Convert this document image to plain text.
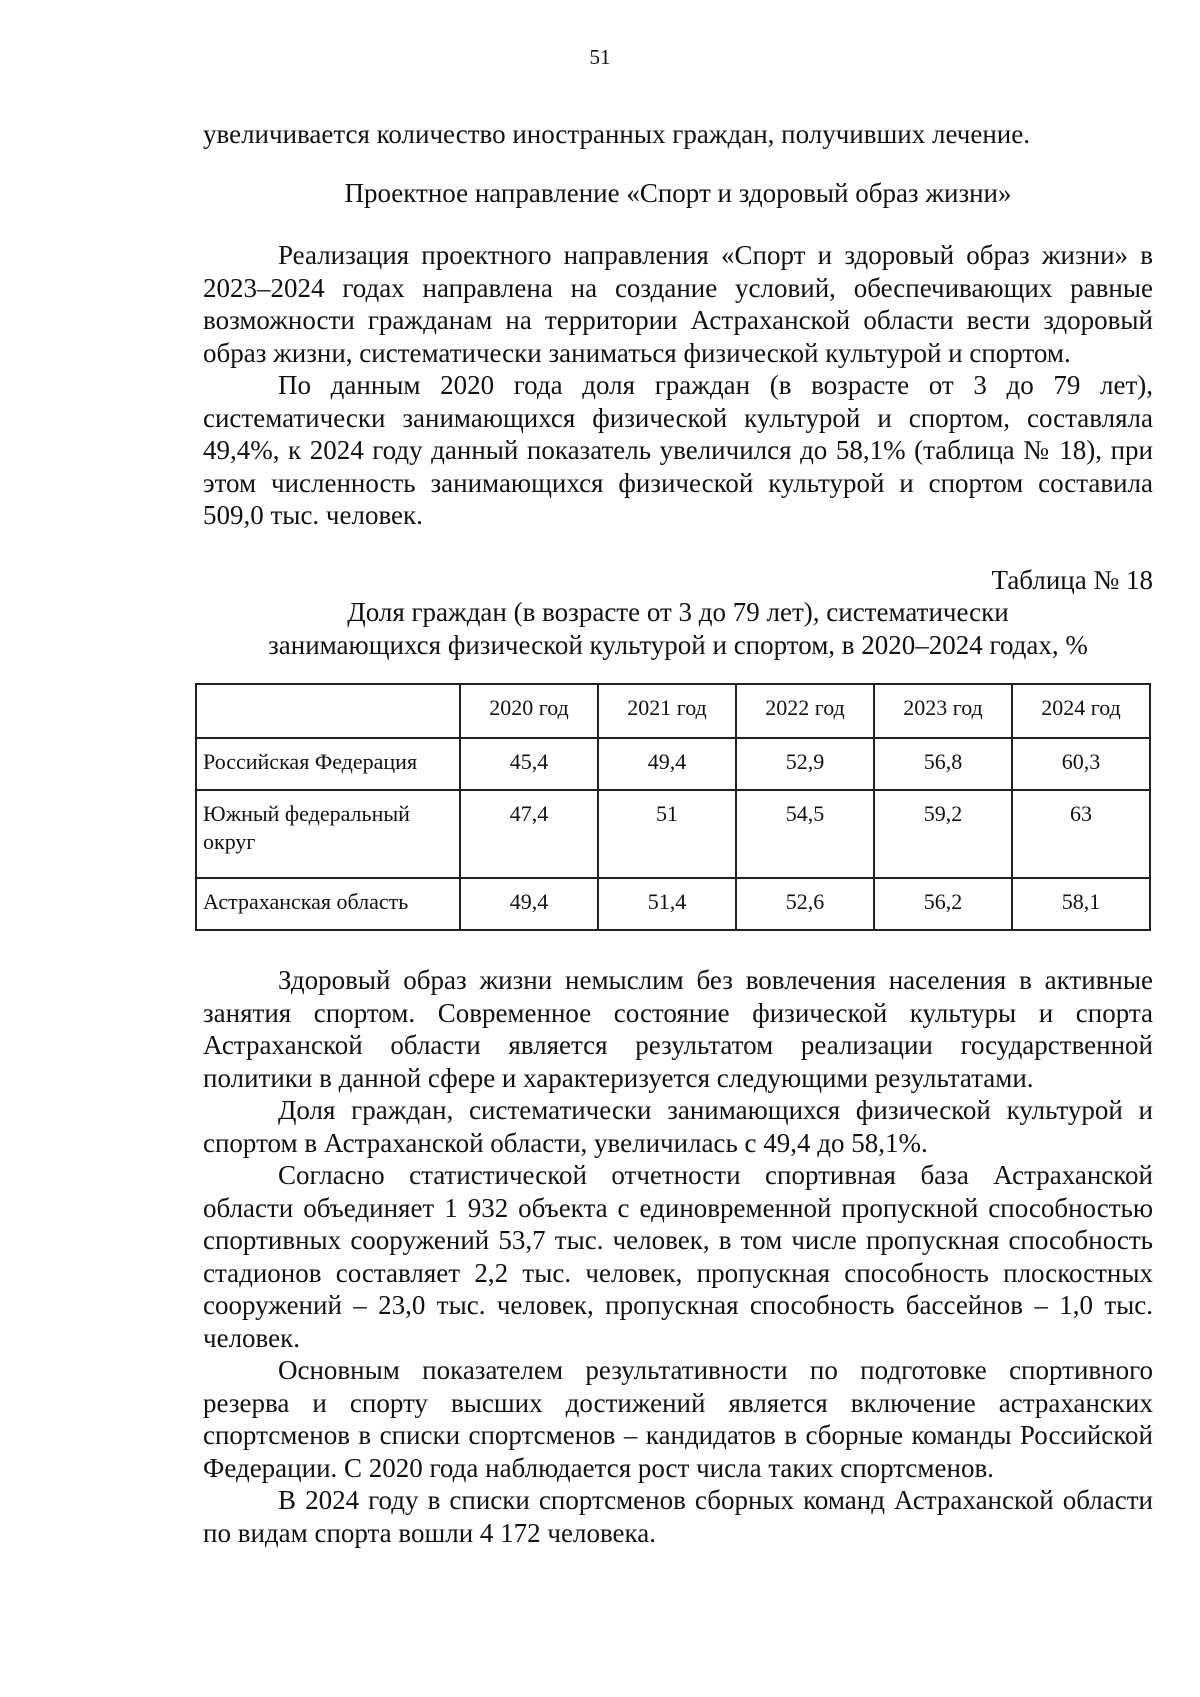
51

увеличивается количество иностранных граждан, получивших лечение.

Проектное направление «Спорт и здоровый образ жизни»

Реализация проектного направления «Спорт и здоровый образ жизни» в 2023–2024 годах направлена на создание условий, обеспечивающих равные возможности гражданам на территории Астраханской области вести здоровый образ жизни, систематически заниматься физической культурой и спортом.

По данным 2020 года доля граждан (в возрасте от 3 до 79 лет), систематически занимающихся физической культурой и спортом, составляла 49,4%, к 2024 году данный показатель увеличился до 58,1% (таблица № 18), при этом численность занимающихся физической культурой и спортом составила 509,0 тыс. человек.

Таблица № 18

Доля граждан (в возрасте от 3 до 79 лет), систематически

занимающихся физической культурой и спортом, в 2020–2024 годах, %

	2020 год	2021 год	2022 год	2023 год	2024 год
Российская Федерация	45,4	49,4	52,9	56,8	60,3
Южный федеральный округ	47,4	51	54,5	59,2	63
Астраханская область	49,4	51,4	52,6	56,2	58,1

Здоровый образ жизни немыслим без вовлечения населения в активные занятия спортом. Современное состояние физической культуры и спорта Астраханской области является результатом реализации государственной политики в данной сфере и характеризуется следующими результатами.

Доля граждан, систематически занимающихся физической культурой и спортом в Астраханской области, увеличилась с 49,4 до 58,1%.

Согласно статистической отчетности спортивная база Астраханской области объединяет 1 932 объекта с единовременной пропускной способностью спортивных сооружений 53,7 тыс. человек, в том числе пропускная способность стадионов составляет 2,2 тыс. человек, пропускная способность плоскостных сооружений – 23,0 тыс. человек, пропускная способность бассейнов – 1,0 тыс. человек.

Основным показателем результативности по подготовке спортивного резерва и спорту высших достижений является включение астраханских спортсменов в списки спортсменов – кандидатов в сборные команды Российской Федерации. С 2020 года наблюдается рост числа таких спортсменов.

В 2024 году в списки спортсменов сборных команд Астраханской области по видам спорта вошли 4 172 человека.
